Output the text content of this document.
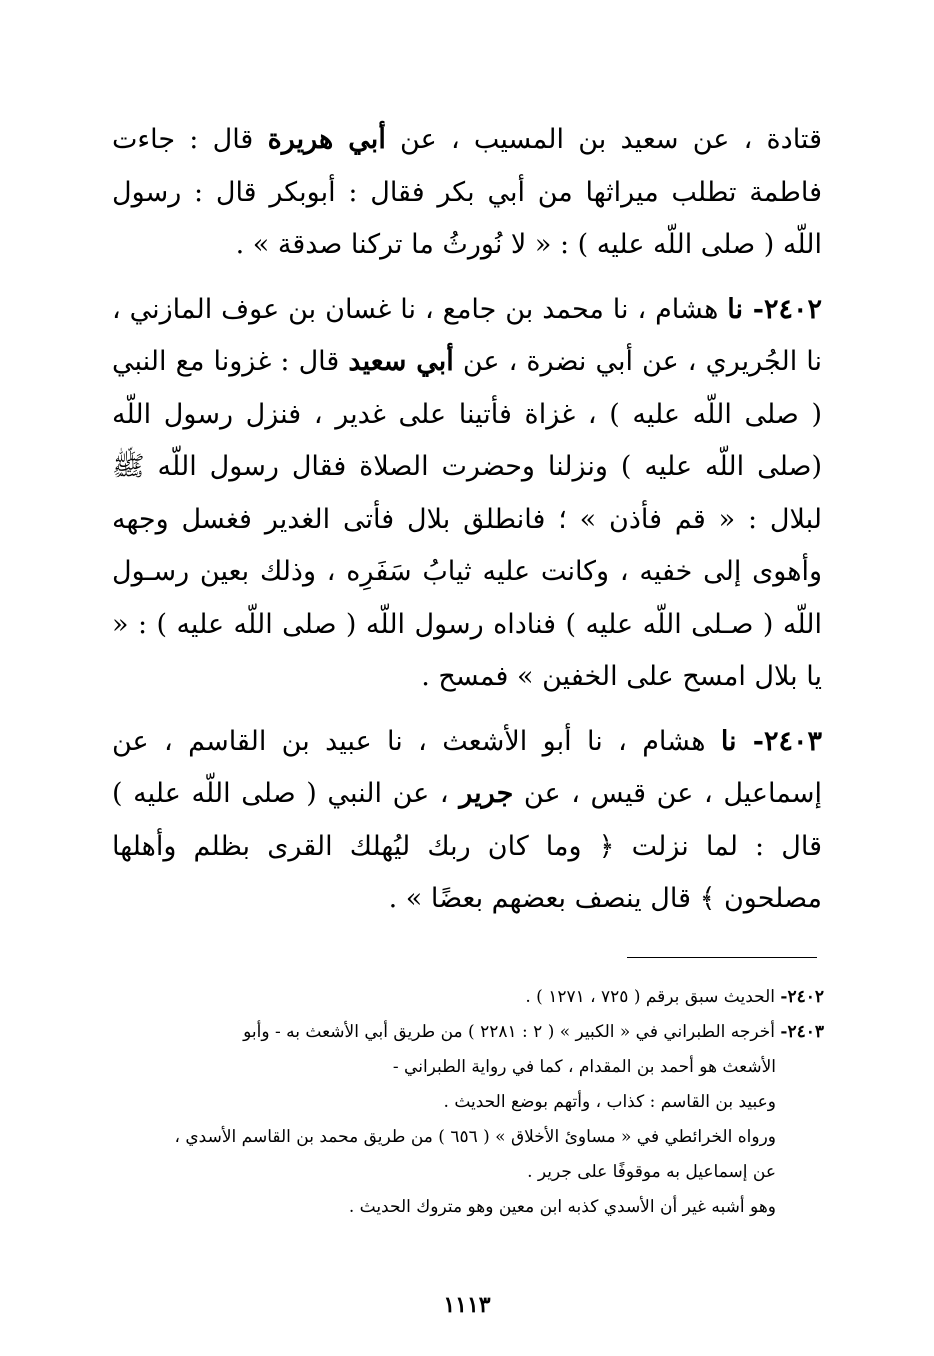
قتادة ، عن سعيد بن المسيب ، عن أبي هريرة قال : جاءت فاطمة تطلب ميراثها من أبي بكر فقال : أبوبكر قال : رسول اللّه ( صلى اللّه عليه ) : « لا نُورثُ ما تركنا صدقة » .

٢٤٠٢- نا هشام ، نا محمد بن جامع ، نا غسان بن عوف المازني ، نا الجُريري ، عن أبي نضرة ، عن أبي سعيد قال : غزونا مع النبي ( صلى اللّه عليه ) ، غزاة فأتينا على غدير ، فنزل رسول اللّه (صلى اللّه عليه ) ونزلنا وحضرت الصلاة فقال رسول اللّه ﷺ لبلال : « قم فأذن » ؛ فانطلق بلال فأتى الغدير فغسل وجهه وأهوى إلى خفيه ، وكانت عليه ثيابُ سَفَرِه ، وذلك بعين رسـول اللّه ( صـلى اللّه عليه ) فناداه رسول اللّه ( صلى اللّه عليه ) : « يا بلال امسح على الخفين » فمسح .

٢٤٠٣- نا هشام ، نا أبو الأشعث ، نا عبيد بن القاسم ، عن إسماعيل ، عن قيس ، عن جرير ، عن النبي ( صلى اللّه عليه ) قال : لما نزلت ﴿ وما كان ربك ليُهلك القرى بظلم وأهلها مصلحون ﴾ قال ينصف بعضهم بعضًا » .

٢٤٠٢- الحديث سبق برقم ( ٧٢٥ ، ١٢٧١ ) .

٢٤٠٣- أخرجه الطبراني في « الكبير » ( ٢ : ٢٢٨١ ) من طريق أبي الأشعث به - وأبو

الأشعث هو أحمد بن المقدام ، كما في رواية الطبراني -

وعبيد بن القاسم : كذاب ، وأتهم بوضع الحديث .

ورواه الخرائطي في « مساوئ الأخلاق » ( ٦٥٦ ) من طريق محمد بن القاسم الأسدي ،

عن إسماعيل به موقوفًا على جرير .

وهو أشبه غير أن الأسدي كذبه ابن معين وهو متروك الحديث .

١١١٣
